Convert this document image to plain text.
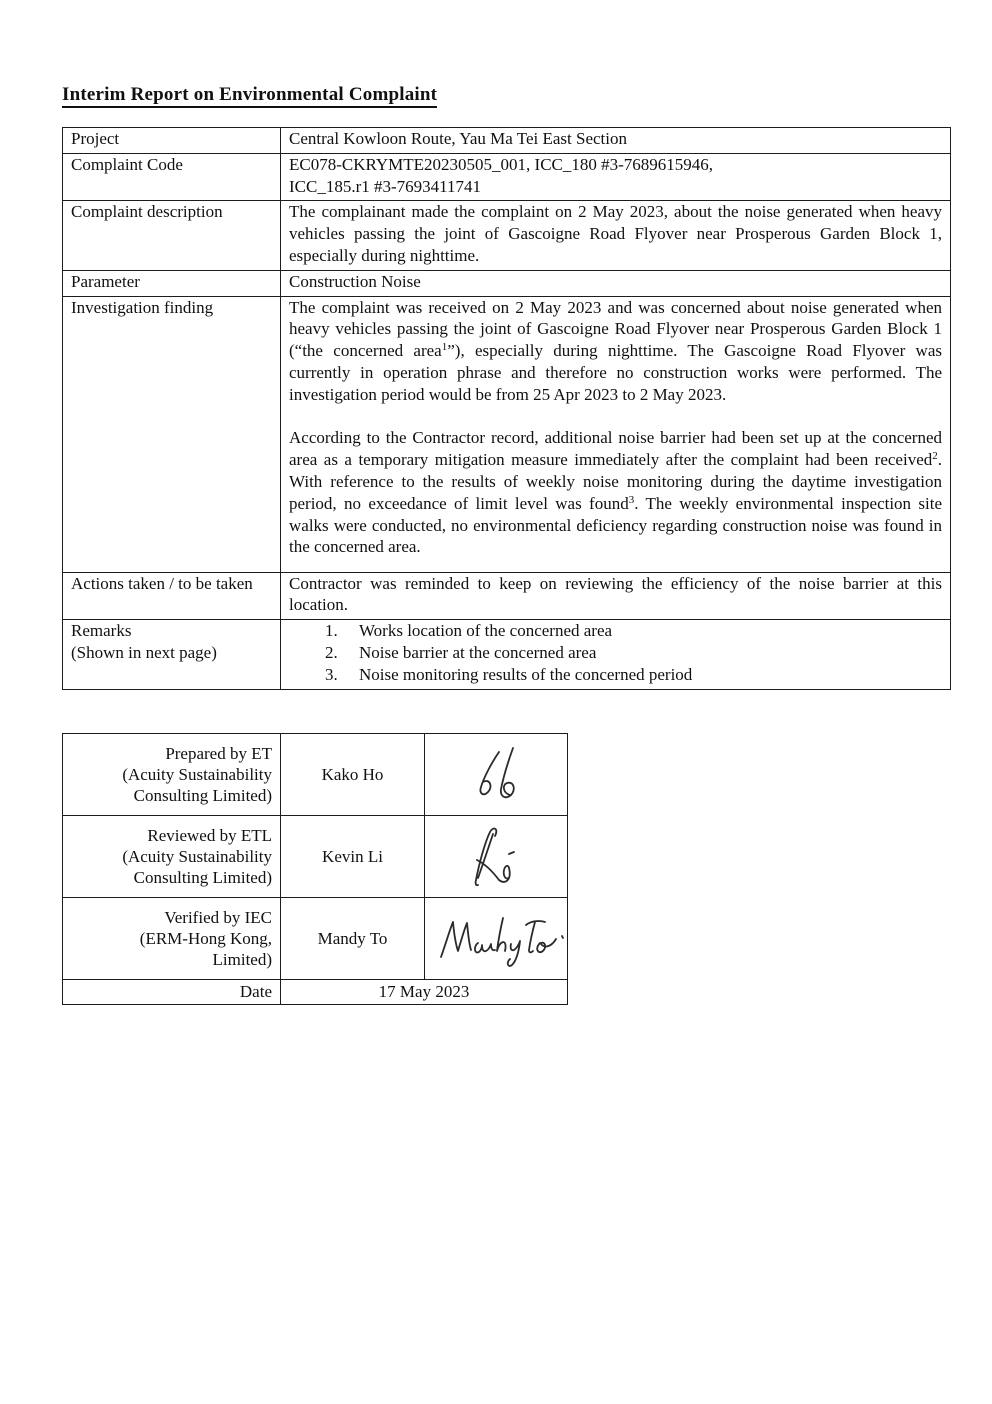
Interim Report on Environmental Complaint
Project	Central Kowloon Route, Yau Ma Tei East Section
Complaint Code	EC078-CKRYMTE20230505_001, ICC_180 #3-7689615946,
ICC_185.r1 #3-7693411741
Complaint description	The complainant made the complaint on 2 May 2023, about the noise generated when heavy vehicles passing the joint of Gascoigne Road Flyover near Prosperous Garden Block 1, especially during nighttime.

Parameter	Construction Noise
Investigation finding	The complaint was received on 2 May 2023 and was concerned about noise generated when heavy vehicles passing the joint of Gascoigne Road Flyover near Prosperous Garden Block 1 (“the concerned area$^1$”), especially during nighttime. The Gascoigne Road Flyover was currently in operation phrase and therefore no construction works were performed. The investigation period would be from 25 Apr 2023 to 2 May 2023.
According to the Contractor record, additional noise barrier had been set up at the concerned area as a temporary mitigation measure immediately after the complaint had been received$^2$. With reference to the results of weekly noise monitoring during the daytime investigation period, no exceedance of limit level was found$^3$. The weekly environmental inspection site walks were conducted, no environmental deficiency regarding construction noise was found in the concerned area.

Actions taken / to be taken	Contractor was reminded to keep on reviewing the efficiency of the noise barrier at this location.

Remarks
(Shown in next page)	
1.	Works location of the concerned area
2.	Noise barrier at the concerned area
3.	Noise monitoring results of the concerned period
Prepared by ET
(Acuity Sustainability
Consulting Limited)	Kako Ho	

Reviewed by ETL
(Acuity Sustainability
Consulting Limited)	Kevin Li	

Verified by IEC
(ERM-Hong Kong,
Limited)	Mandy To	

Date	17 May 2023	
